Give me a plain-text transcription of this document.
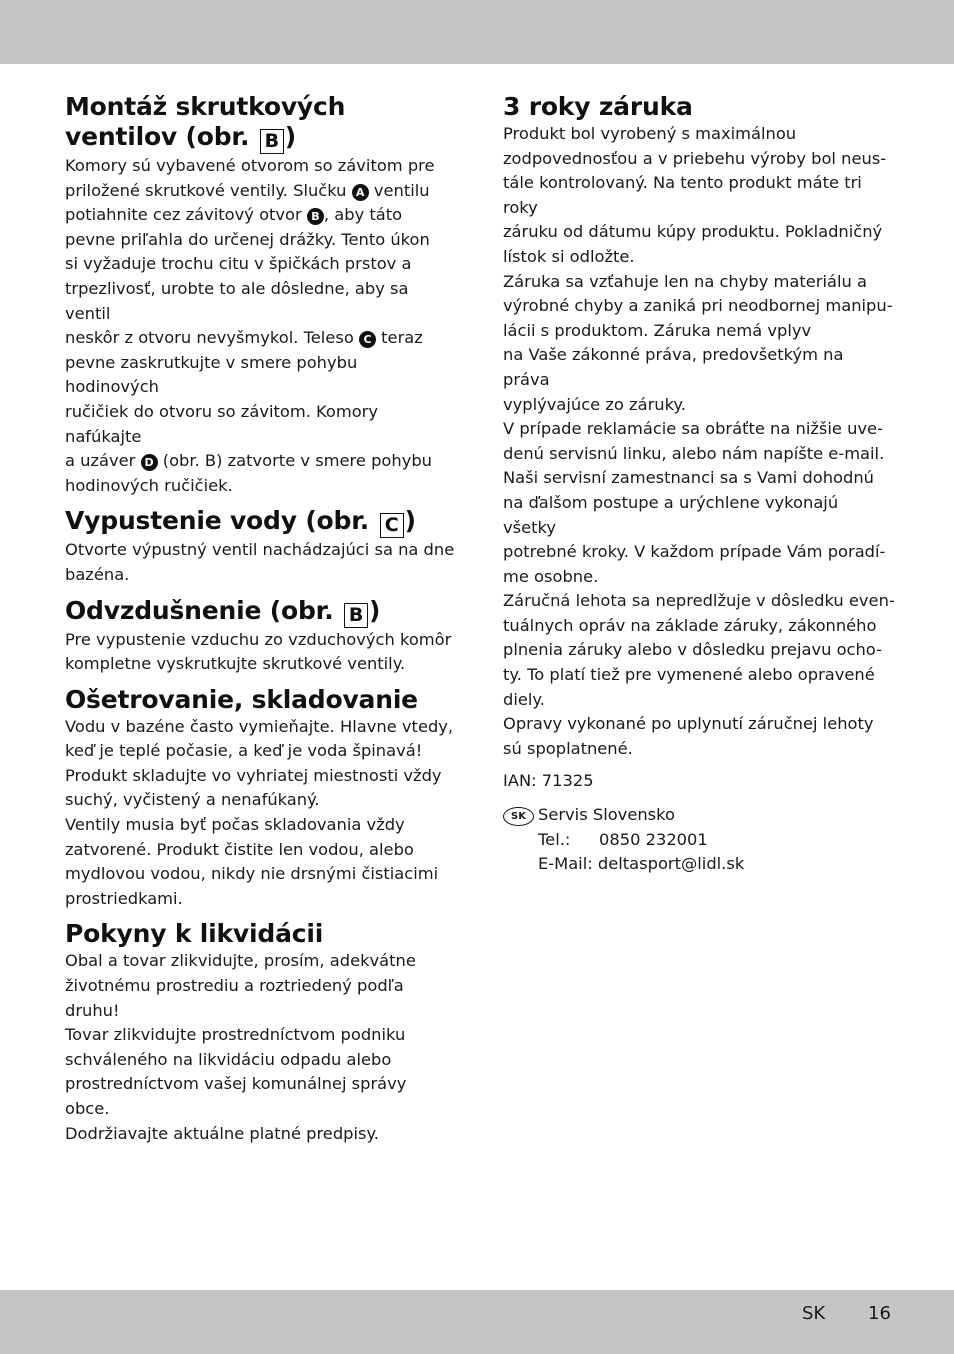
Montáž skrutkových
ventilov (obr. B )

Komory sú vybavené otvorom so závitom pre
priložené skrutkové ventily. Slučku A ventilu
potiahnite cez závitový otvor B , aby táto
pevne priľahla do určenej drážky. Tento úkon
si vyžaduje trochu citu v špičkách prstov a
trpezlivosť, urobte to ale dôsledne, aby sa ventil
neskôr z otvoru nevyšmykol. Teleso C teraz
pevne zaskrutkujte v smere pohybu hodinových
ručičiek do otvoru so závitom. Komory nafúkajte
a uzáver D (obr. B) zatvorte v smere pohybu
hodinových ručičiek.

Vypustenie vody (obr. C )

Otvorte výpustný ventil nachádzajúci sa na dne
bazéna.

Odvzdušnenie (obr. B )

Pre vypustenie vzduchu zo vzduchových komôr
kompletne vyskrutkujte skrutkové ventily.

Ošetrovanie, skladovanie

Vodu v bazéne často vymieňajte. Hlavne vtedy,
keď je teplé počasie, a keď je voda špinavá!
Produkt skladujte vo vyhriatej miestnosti vždy
suchý, vyčistený a nenafúkaný.
Ventily musia byť počas skladovania vždy
zatvorené. Produkt čistite len vodou, alebo
mydlovou vodou, nikdy nie drsnými čistiacimi
prostriedkami.

Pokyny k likvidácii

Obal a tovar zlikvidujte, prosím, adekvátne
životnému prostrediu a roztriedený podľa druhu!
Tovar zlikvidujte prostredníctvom podniku
schváleného na likvidáciu odpadu alebo
prostredníctvom vašej komunálnej správy obce.
Dodržiavajte aktuálne platné predpisy.

3 roky záruka

Produkt bol vyrobený s maximálnou
zodpovednosťou a v priebehu výroby bol neus-
tále kontrolovaný. Na tento produkt máte tri roky
záruku od dátumu kúpy produktu. Pokladničný
lístok si odložte.
Záruka sa vzťahuje len na chyby materiálu a
výrobné chyby a zaniká pri neodbornej manipu-
lácii s produktom. Záruka nemá vplyv
na Vaše zákonné práva, predovšetkým na práva
vyplývajúce zo záruky.
V prípade reklamácie sa obráťte na nižšie uve-
denú servisnú linku, alebo nám napíšte e-mail.
Naši servisní zamestnanci sa s Vami dohodnú
na ďalšom postupe a urýchlene vykonajú všetky
potrebné kroky. V každom prípade Vám poradí-
me osobne.
Záručná lehota sa nepredlžuje v dôsledku even-
tuálnych opráv na základe záruky, zákonného
plnenia záruky alebo v dôsledku prejavu ocho-
ty. To platí tiež pre vymenené alebo opravené
diely.
Opravy vykonané po uplynutí záručnej lehoty
sú spoplatnené.

IAN: 71325

SK Servis Slovensko

Tel.: 0850 232001
E-Mail: deltasport@lidl.sk
SK 16
